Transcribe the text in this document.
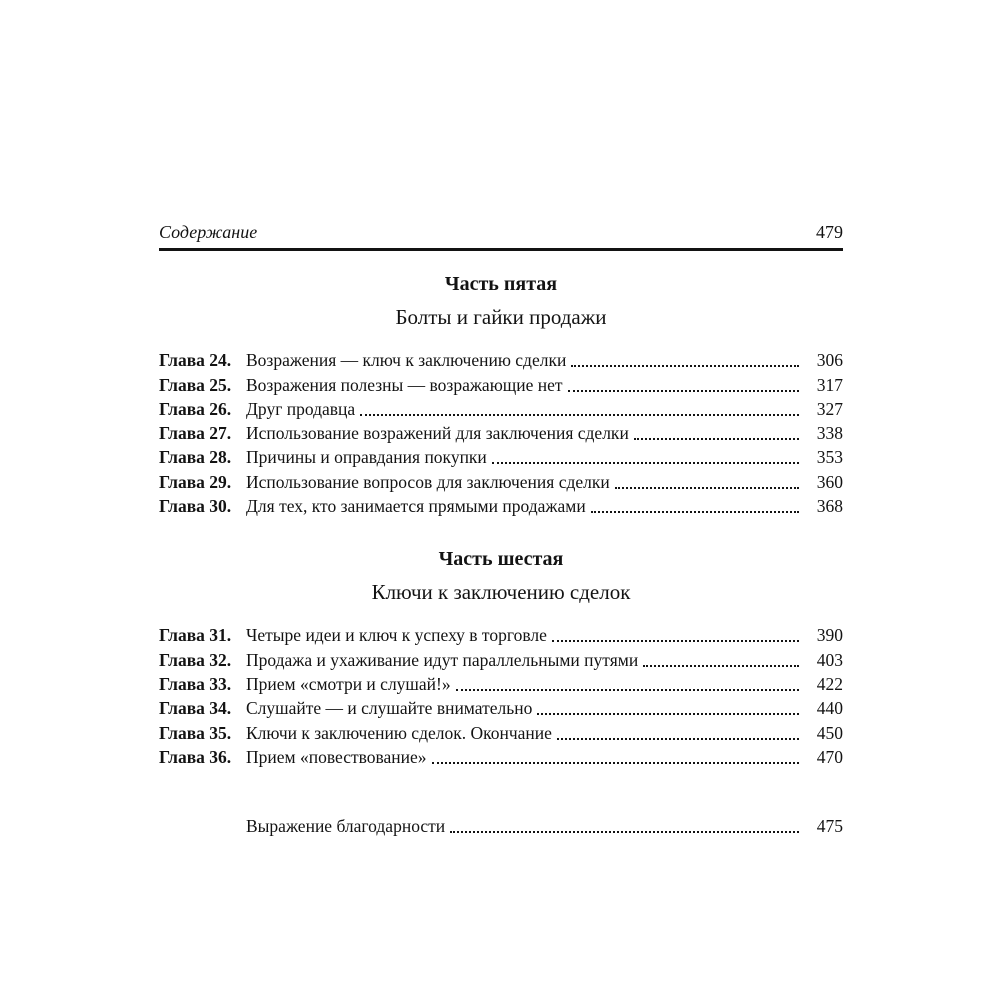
Содержание	479
Часть пятая
Болты и гайки продажи
Глава 24. Возражения — ключ к заключению сделки	306
Глава 25. Возражения полезны — возражающие нет	317
Глава 26. Друг продавца	327
Глава 27. Использование возражений для заключения сделки	338
Глава 28. Причины и оправдания покупки	353
Глава 29. Использование вопросов для заключения сделки	360
Глава 30. Для тех, кто занимается прямыми продажами	368
Часть шестая
Ключи к заключению сделок
Глава 31. Четыре идеи и ключ к успеху в торговле	390
Глава 32. Продажа и ухаживание идут параллельными путями	403
Глава 33. Прием «смотри и слушай!»	422
Глава 34. Слушайте — и слушайте внимательно	440
Глава 35. Ключи к заключению сделок. Окончание	450
Глава 36. Прием «повествование»	470
Выражение благодарности	475
